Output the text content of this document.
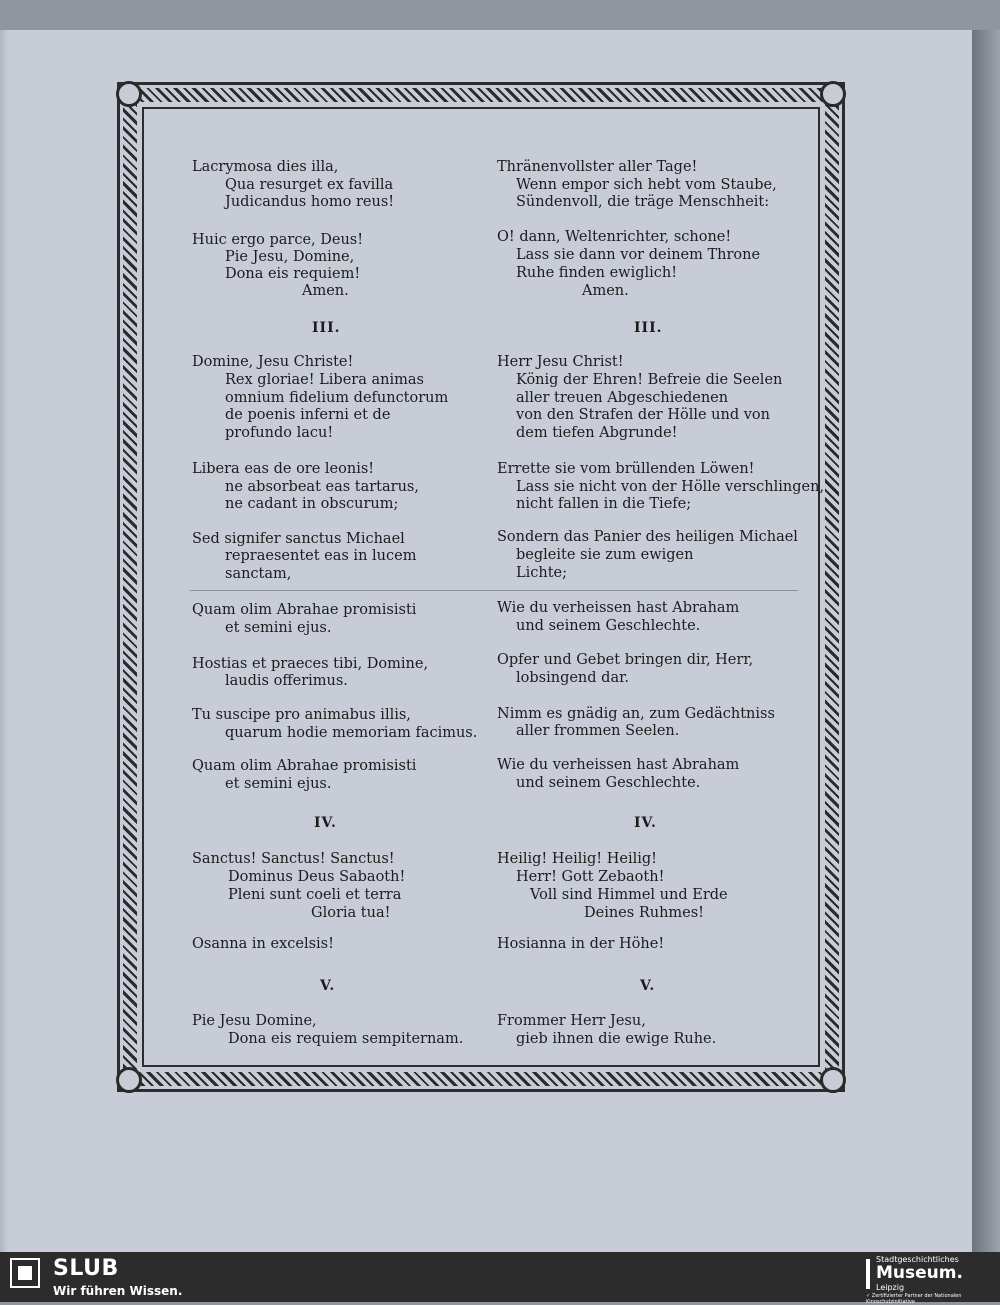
Lacrymosa dies illa,
Qua resurget ex favilla
Judicandus homo reus!
Huic ergo parce, Deus!
Pie Jesu, Domine,
Dona eis requiem!
Amen.
III.
Domine, Jesu Christe!
Rex gloriae! Libera animas
omnium fidelium defunctorum
de poenis inferni et de
profundo lacu!
Libera eas de ore leonis!
ne absorbeat eas tartarus,
ne cadant in obscurum;
Sed signifer sanctus Michael
repraesentet eas in lucem
sanctam,
Quam olim Abrahae promisisti
et semini ejus.
Hostias et praeces tibi, Domine,
laudis offerimus.
Tu suscipe pro animabus illis,
quarum hodie memoriam facimus.
Quam olim Abrahae promisisti
et semini ejus.
IV.
Sanctus! Sanctus! Sanctus!
Dominus Deus Sabaoth!
Pleni sunt coeli et terra
Gloria tua!
Osanna in excelsis!
V.
Pie Jesu Domine,
Dona eis requiem sempiternam.
Thränenvollster aller Tage!
Wenn empor sich hebt vom Staube,
Sündenvoll, die träge Menschheit:
O! dann, Weltenrichter, schone!
Lass sie dann vor deinem Throne
Ruhe finden ewiglich!
Amen.
III.
Herr Jesu Christ!
König der Ehren! Befreie die Seelen
aller treuen Abgeschiedenen
von den Strafen der Hölle und von
dem tiefen Abgrunde!
Errette sie vom brüllenden Löwen!
Lass sie nicht von der Hölle verschlingen,
nicht fallen in die Tiefe;
Sondern das Panier des heiligen Michael
begleite sie zum ewigen
Lichte;
Wie du verheissen hast Abraham
und seinem Geschlechte.
Opfer und Gebet bringen dir, Herr,
lobsingend dar.
Nimm es gnädig an, zum Gedächtniss
aller frommen Seelen.
Wie du verheissen hast Abraham
und seinem Geschlechte.
IV.
Heilig! Heilig! Heilig!
Herr! Gott Zebaoth!
Voll sind Himmel und Erde
Deines Ruhmes!
Hosianna in der Höhe!
V.
Frommer Herr Jesu,
gieb ihnen die ewige Ruhe.
SLUB
Wir führen Wissen.
Stadtgeschichtliches
Museum.
Leipzig
✓ Zertifizierter Partner der Nationalen Kinoschutzinitiative
